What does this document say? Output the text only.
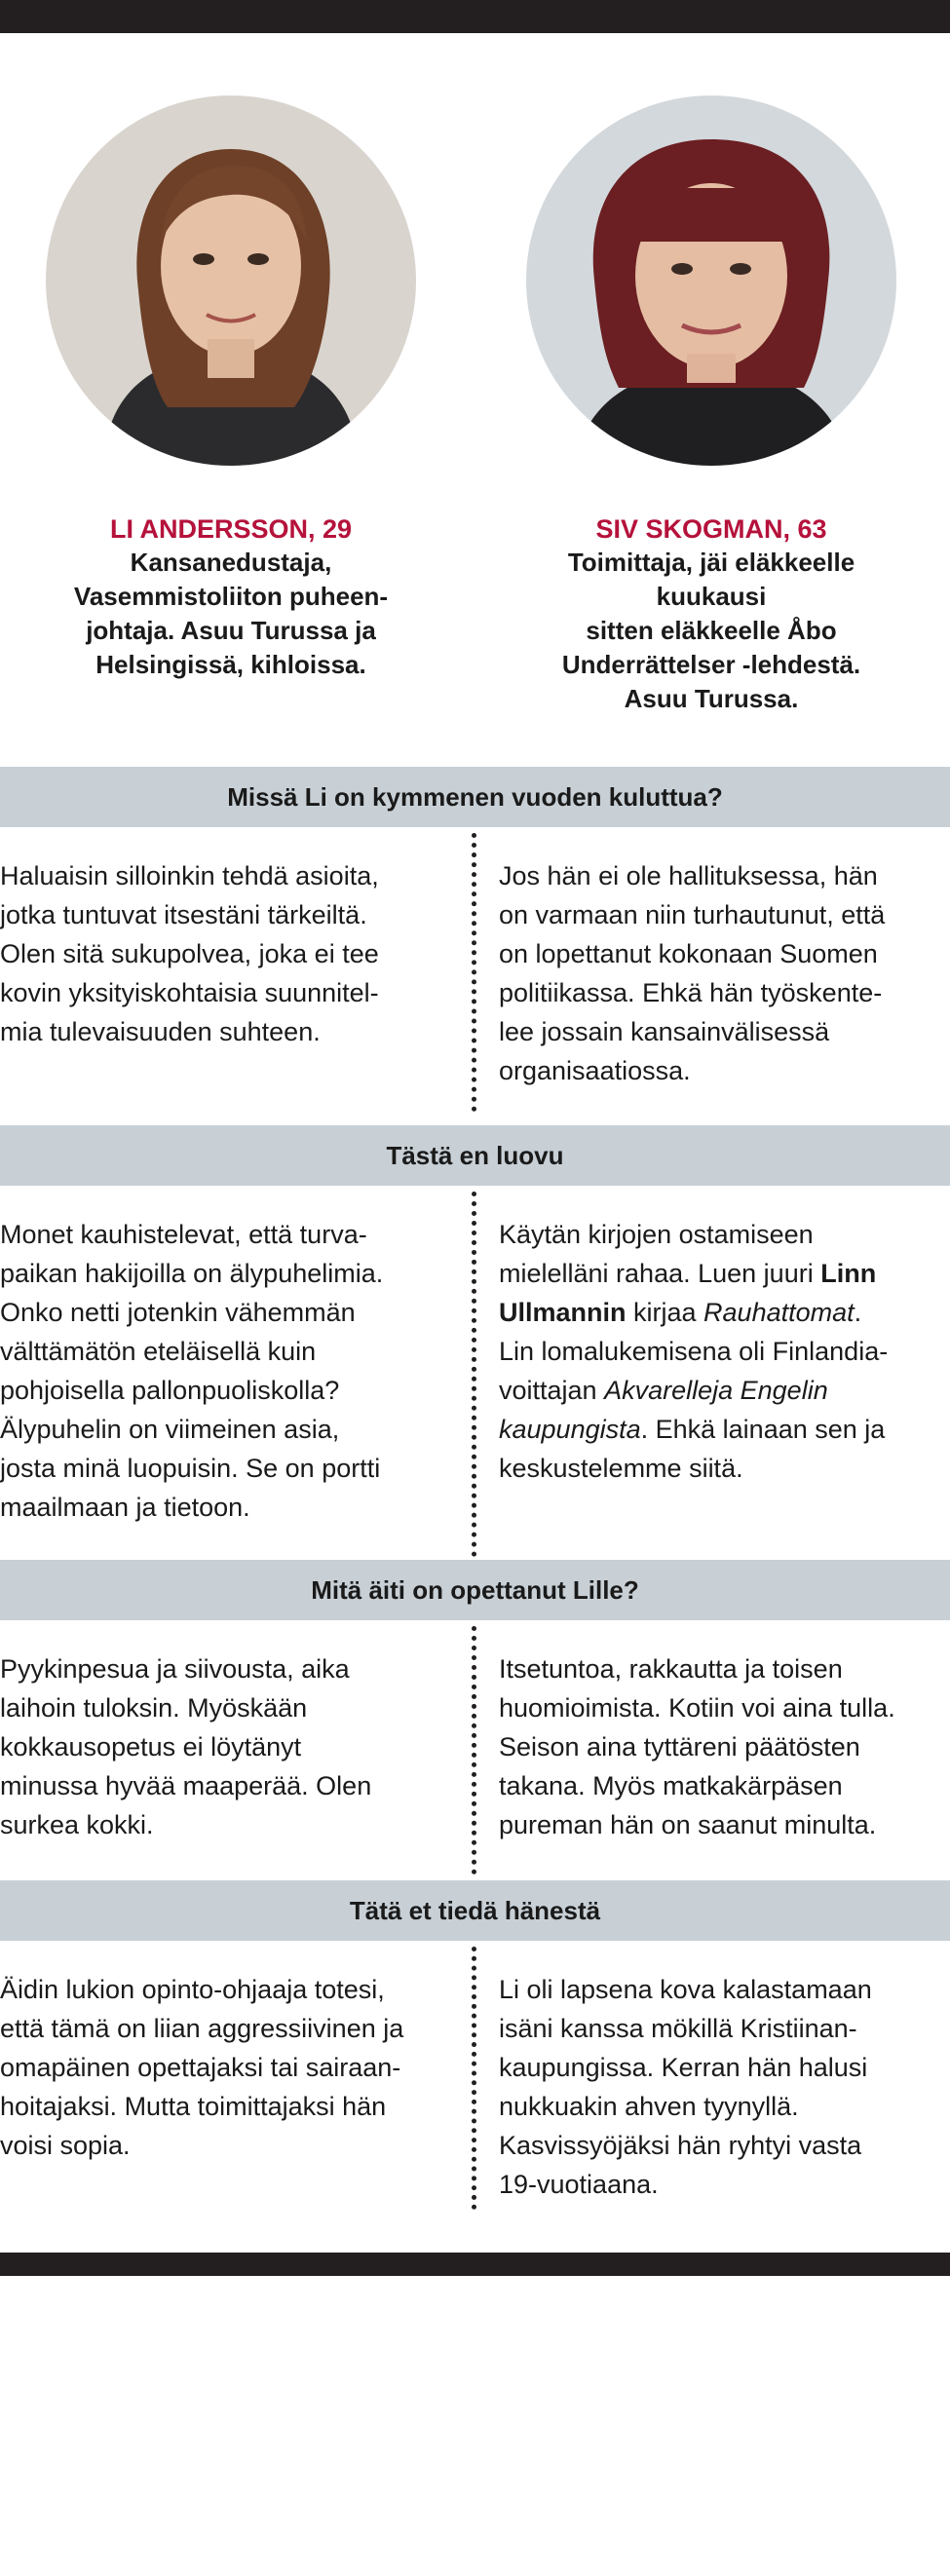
LI ANDERSSON, 29
Kansanedustaja,
Vasemmistoliiton puheen-
johtaja. Asuu Turussa ja
Helsingissä, kihloissa.
SIV SKOGMAN, 63
Toimittaja, jäi eläkkeelle kuukausi
sitten eläkkeelle Åbo
Underrättelser -lehdestä.
Asuu Turussa.
Missä Li on kymmenen vuoden kuluttua?
Haluaisin silloinkin tehdä asioita,
jotka tuntuvat itsestäni tärkeiltä.
Olen sitä sukupolvea, joka ei tee
kovin yksityiskohtaisia suunnitel-
mia tulevaisuuden suhteen.
Jos hän ei ole hallituksessa, hän
on varmaan niin turhautunut, että
on lopettanut kokonaan Suomen
politiikassa. Ehkä hän työskente-
lee jossain kansainvälisessä
organisaatiossa.
Tästä en luovu
Monet kauhistelevat, että turva-
paikan hakijoilla on älypuhelimia.
Onko netti jotenkin vähemmän
välttämätön eteläisellä kuin
pohjoisella pallonpuoliskolla?
Älypuhelin on viimeinen asia,
josta minä luopuisin. Se on portti
maailmaan ja tietoon.
Käytän kirjojen ostamiseen
mielelläni rahaa. Luen juuri Linn
Ullmannin kirjaa Rauhattomat.
Lin lomalukemisena oli Finlandia-
voittajan Akvarelleja Engelin
kaupungista. Ehkä lainaan sen ja
keskustelemme siitä.
Mitä äiti on opettanut Lille?
Pyykinpesua ja siivousta, aika
laihoin tuloksin. Myöskään
kokkausopetus ei löytänyt
minussa hyvää maaperää. Olen
surkea kokki.
Itsetuntoa, rakkautta ja toisen
huomioimista. Kotiin voi aina tulla.
Seison aina tyttäreni päätösten
takana. Myös matkakärpäsen
pureman hän on saanut minulta.
Tätä et tiedä hänestä
Äidin lukion opinto-ohjaaja totesi,
että tämä on liian aggressiivinen ja
omapäinen opettajaksi tai sairaan-
hoitajaksi. Mutta toimittajaksi hän
voisi sopia.
Li oli lapsena kova kalastamaan
isäni kanssa mökillä Kristiinan-
kaupungissa. Kerran hän halusi
nukkuakin ahven tyynyllä.
Kasvissyöjäksi hän ryhtyi vasta
19-vuotiaana.
